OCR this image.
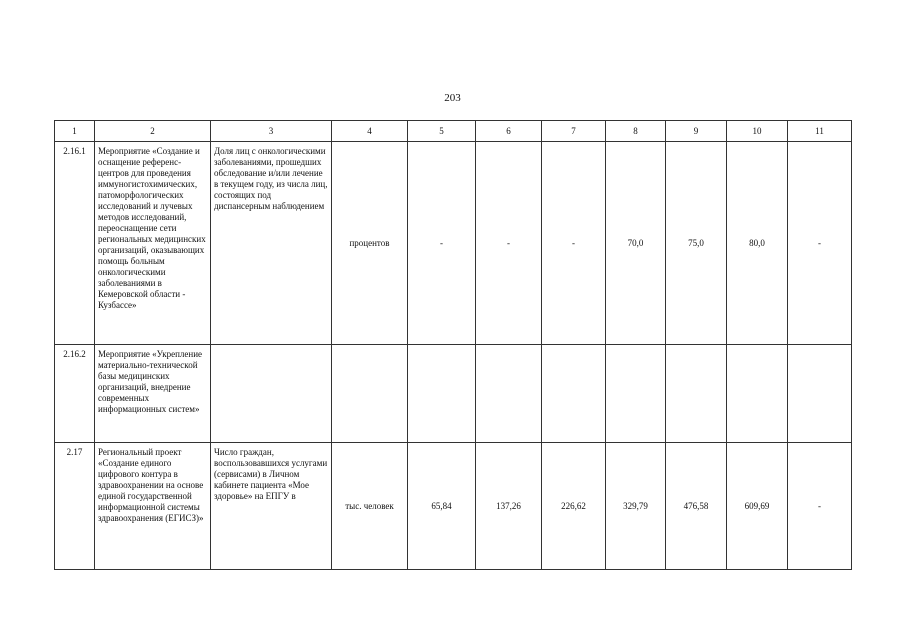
203
1	2	3	4	5	6	7	8	9	10	11
2.16.1	Мероприятие «Создание и оснащение референс-центров для проведения иммуногистохимических, патоморфологических исследований и лучевых методов исследований, переоснащение сети региональных медицинских организаций, оказывающих помощь больным онкологическими заболеваниями в Кемеровской области - Кузбассе»	Доля лиц с онкологическими заболеваниями, прошедших обследование и/или лечение в текущем году, из числа лиц, состоящих под диспансерным наблюдением	процентов	-	-	-	70,0	75,0	80,0	-
2.16.2	Мероприятие «Укрепление материально-технической базы медицинских организаций, внедрение современных информационных систем»									
2.17	Региональный проект «Создание единого цифрового контура в здравоохранении на основе единой государственной информационной системы здравоохранения (ЕГИСЗ)»	Число граждан, воспользовавшихся услугами (сервисами) в Личном кабинете пациента «Мое здоровье» на ЕПГУ в	тыс. человек	65,84	137,26	226,62	329,79	476,58	609,69	-
